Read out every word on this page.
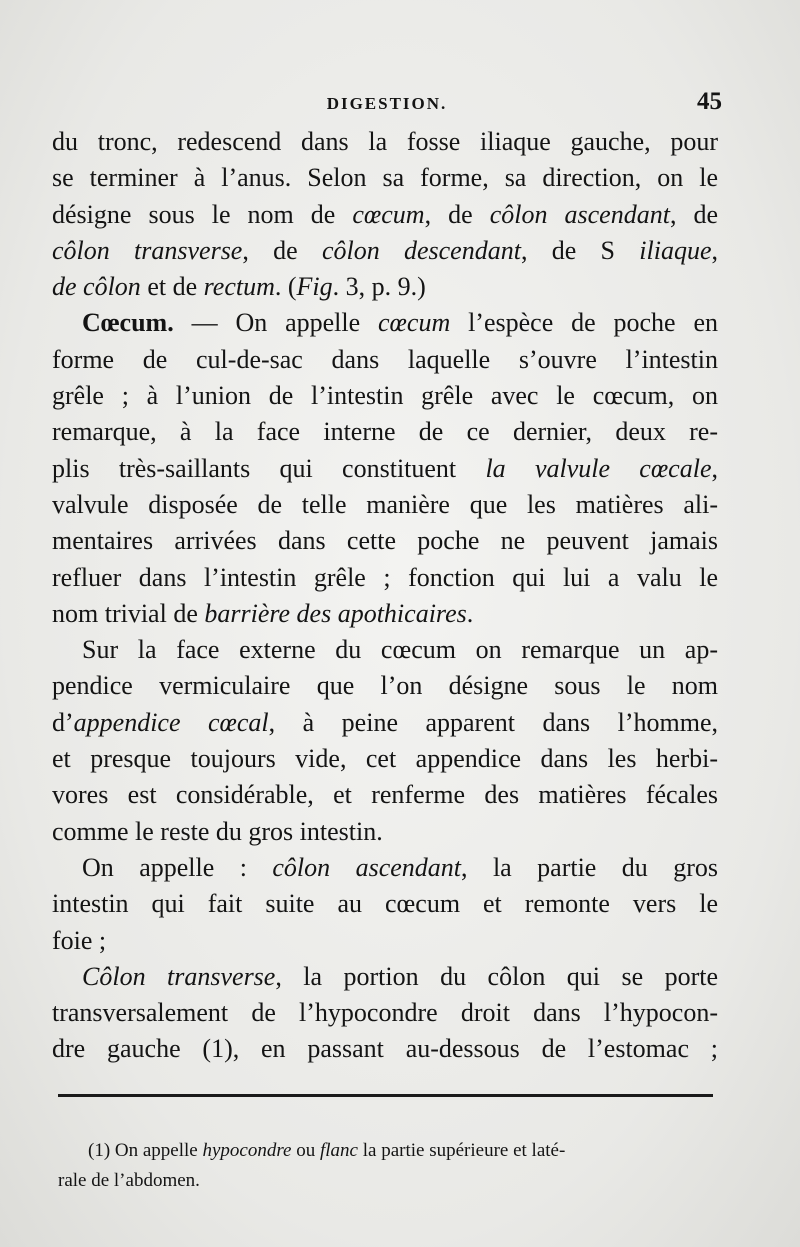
DIGESTION.	45
du tronc, redescend dans la fosse iliaque gauche, pour
se terminer à l’anus. Selon sa forme, sa direction, on le
désigne sous le nom de cœcum, de côlon ascendant, de
côlon transverse, de côlon descendant, de S iliaque,
de côlon et de rectum. (Fig. 3, p. 9.)
Cœcum. — On appelle cœcum l’espèce de poche en
forme de cul-de-sac dans laquelle s’ouvre l’intestin
grêle ; à l’union de l’intestin grêle avec le cœcum, on
remarque, à la face interne de ce dernier, deux re-
plis très-saillants qui constituent la valvule cœcale,
valvule disposée de telle manière que les matières ali-
mentaires arrivées dans cette poche ne peuvent jamais
refluer dans l’intestin grêle ; fonction qui lui a valu le
nom trivial de barrière des apothicaires.
Sur la face externe du cœcum on remarque un ap-
pendice vermiculaire que l’on désigne sous le nom
d’appendice cœcal, à peine apparent dans l’homme,
et presque toujours vide, cet appendice dans les herbi-
vores est considérable, et renferme des matières fécales
comme le reste du gros intestin.
On appelle : côlon ascendant, la partie du gros
intestin qui fait suite au cœcum et remonte vers le
foie ;
Côlon transverse, la portion du côlon qui se porte
transversalement de l’hypocondre droit dans l’hypocon-
dre gauche (1), en passant au-dessous de l’estomac ;
(1) On appelle hypocondre ou flanc la partie supérieure et laté-
rale de l’abdomen.
